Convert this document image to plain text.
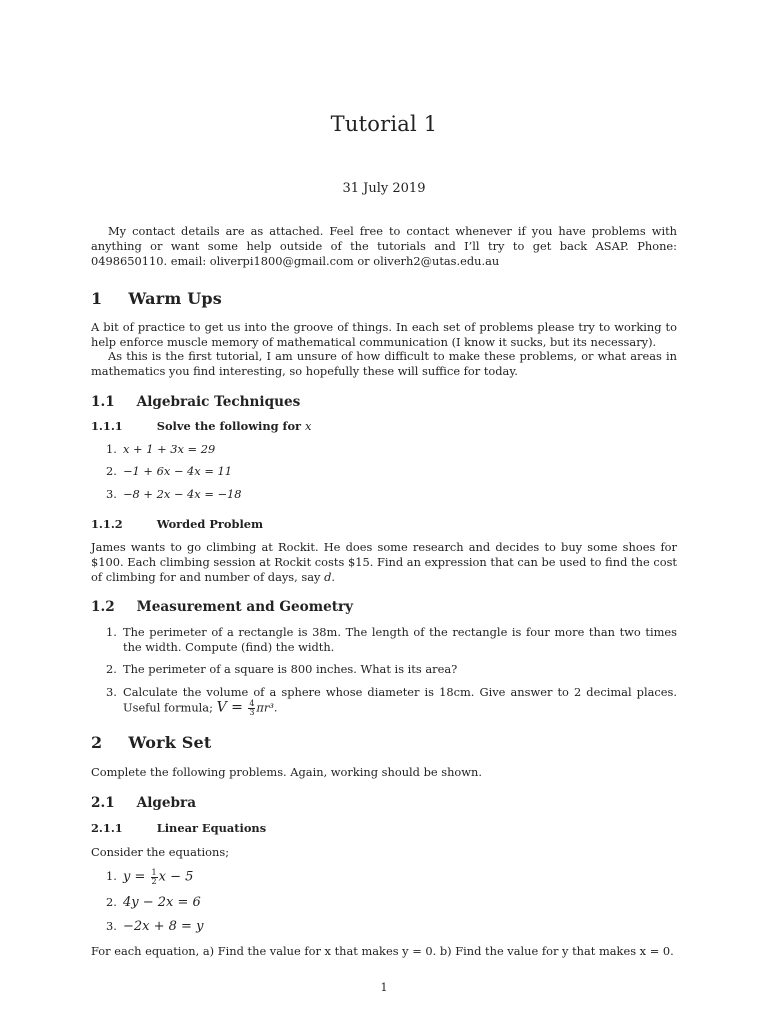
Tutorial 1
31 July 2019
My contact details are as attached. Feel free to contact whenever if you have problems with anything or want some help outside of the tutorials and I’ll try to get back ASAP. Phone: 0498650110. email: oliverpi1800@gmail.com or oliverh2@utas.edu.au
1 Warm Ups
A bit of practice to get us into the groove of things. In each set of problems please try to working to help enforce muscle memory of mathematical communication (I know it sucks, but its necessary).
As this is the first tutorial, I am unsure of how difficult to make these problems, or what areas in mathematics you find interesting, so hopefully these will suffice for today.
1.1 Algebraic Techniques
1.1.1	Solve the following for x
1. x + 1 + 3x = 29
2. −1 + 6x − 4x = 11
3. −8 + 2x − 4x = −18
1.1.2	Worded Problem
James wants to go climbing at Rockit. He does some research and decides to buy some shoes for $100. Each climbing session at Rockit costs $15. Find an expression that can be used to find the cost of climbing for and number of days, say d.
1.2 Measurement and Geometry
1. The perimeter of a rectangle is 38m. The length of the rectangle is four more than two times the width. Compute (find) the width.
2. The perimeter of a square is 800 inches. What is its area?
3. Calculate the volume of a sphere whose diameter is 18cm. Give answer to 2 decimal places. Useful formula; $V = \frac{4}{3} \pi r^3$.
2 Work Set
Complete the following problems. Again, working should be shown.
2.1 Algebra
2.1.1	Linear Equations
Consider the equations;
1. $y = \frac{1}{2}$ x − 5
2. 4y − 2x = 6
3. −2x + 8 = y
For each equation, a) Find the value for x that makes y = 0. b) Find the value for y that makes x = 0.
1
